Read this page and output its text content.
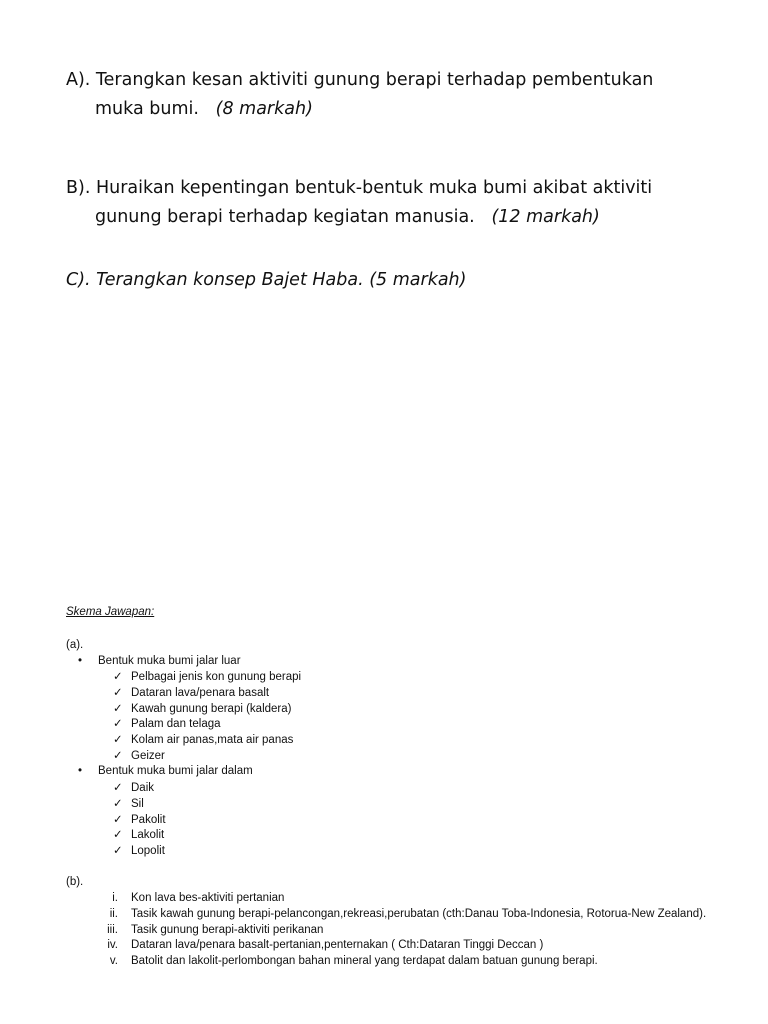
A). Terangkan kesan aktiviti gunung berapi terhadap pembentukan
muka bumi. (8 markah)
B). Huraikan kepentingan bentuk-bentuk muka bumi akibat aktiviti
gunung berapi terhadap kegiatan manusia. (12 markah)
C). Terangkan konsep Bajet Haba. (5 markah)
Skema Jawapan:
(a).
• Bentuk muka bumi jalar luar
✓ Pelbagai jenis kon gunung berapi
✓ Dataran lava/penara basalt
✓ Kawah gunung berapi (kaldera)
✓ Palam dan telaga
✓ Kolam air panas,mata air panas
✓ Geizer
• Bentuk muka bumi jalar dalam
✓ Daik
✓ Sil
✓ Pakolit
✓ Lakolit
✓ Lopolit
(b).
i.	Kon lava bes-aktiviti pertanian
ii.	Tasik kawah gunung berapi-pelancongan,rekreasi,perubatan (cth:Danau Toba-Indonesia, Rotorua-New Zealand).
iii.	Tasik gunung berapi-aktiviti perikanan
iv.	Dataran lava/penara basalt-pertanian,penternakan ( Cth:Dataran Tinggi Deccan )
v.	Batolit dan lakolit-perlombongan bahan mineral yang terdapat dalam batuan gunung berapi.
